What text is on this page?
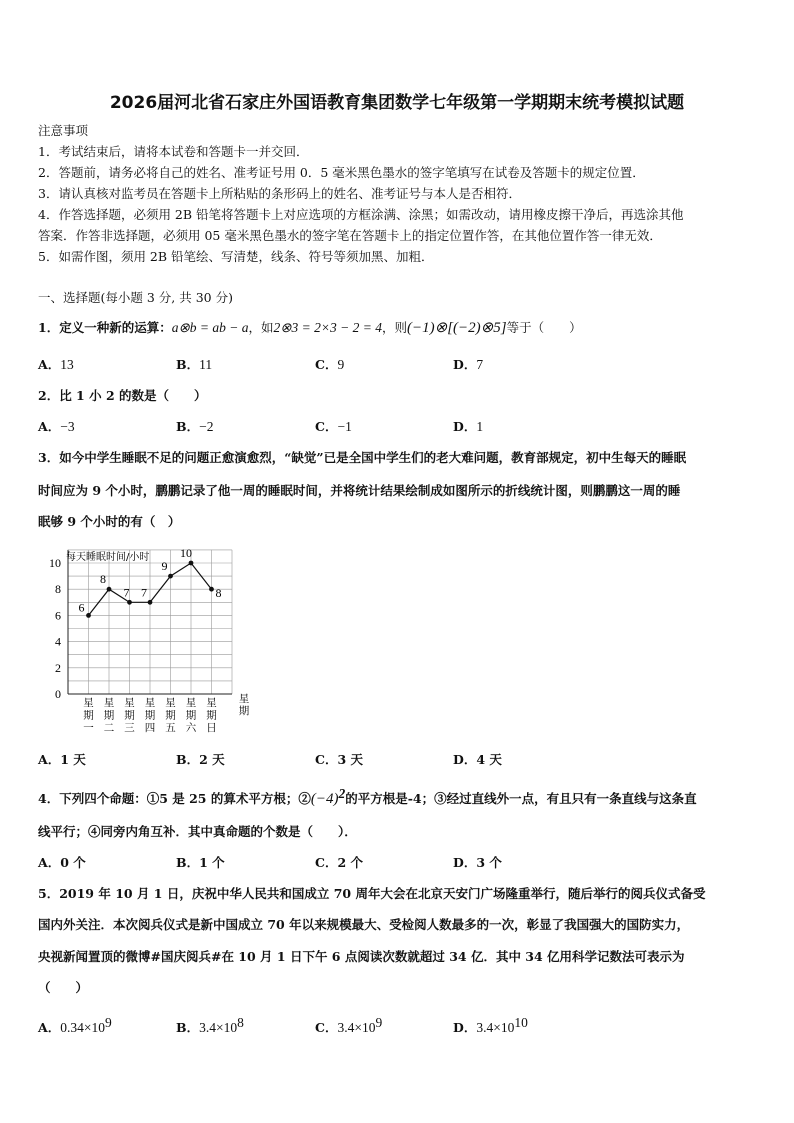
2026届河北省石家庄外国语教育集团数学七年级第一学期期末统考模拟试题
注意事项
1．考试结束后，请将本试卷和答题卡一并交回．
2．答题前，请务必将自己的姓名、准考证号用 0．5 毫米黑色墨水的签字笔填写在试卷及答题卡的规定位置．
3．请认真核对监考员在答题卡上所粘贴的条形码上的姓名、准考证号与本人是否相符．
4．作答选择题，必须用 2B 铅笔将答题卡上对应选项的方框涂满、涂黑；如需改动，请用橡皮擦干净后，再选涂其他
答案．作答非选择题，必须用 05 毫米黑色墨水的签字笔在答题卡上的指定位置作答，在其他位置作答一律无效．
5．如需作图，须用 2B 铅笔绘、写清楚，线条、符号等须加黑、加粗．
一、选择题(每小题 3 分, 共 30 分)
1．定义一种新的运算：a⊗b = ab − a，如2⊗3 = 2×3 − 2 = 4，则(−1)⊗[(−2)⊗5]等于（　　）
A．13	B．11	C．9	D．7
2．比 1 小 2 的数是（　　）
A．−3	B．−2	C．−1	D．1
3．如今中学生睡眠不足的问题正愈演愈烈，“缺觉”已是全国中学生们的老大难问题，教育部规定，初中生每天的睡眠
时间应为 9 个小时，鹏鹏记录了他一周的睡眠时间，并将统计结果绘制成如图所示的折线统计图，则鹏鹏这一周的睡
眠够 9 个小时的有（　）
0
2
4
6
8
10 每天睡眠时间/小时
星
期
一
星
期
二
星
期
三
星
期
四
星
期
五
星
期
六
星
期
日
星
期
6
8
7 7
9
10
8
A．1 天	B．2 天	C．3 天	D．4 天
4．下列四个命题：①5 是 25 的算术平方根；$②(-4)^2$的平方根是-4；③经过直线外一点，有且只有一条直线与这条直
线平行；④同旁内角互补．其中真命题的个数是（　　）．
A．0 个	B．1 个	C．2 个	D．3 个
5．2019 年 10 月 1 日，庆祝中华人民共和国成立 70 周年大会在北京天安门广场隆重举行，随后举行的阅兵仪式备受
国内外关注．本次阅兵仪式是新中国成立 70 年以来规模最大、受检阅人数最多的一次，彰显了我国强大的国防实力，
央视新闻置顶的微博#国庆阅兵#在 10 月 1 日下午 6 点阅读次数就超过 34 亿．其中 34 亿用科学记数法可表示为
（　　）
A．$0.34\times 10^9$	B．$3.4\times 10^8$	C．$3.4\times 10^9$	D．$3.4\times 10^{10}$
